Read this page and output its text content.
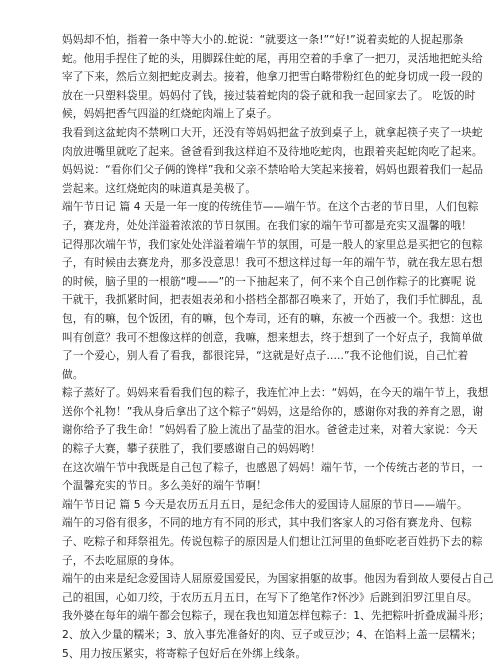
妈妈却不怕，指着一条中等大小的.蛇说：“就要这一条!”“好!”说着卖蛇的人捉起那条
蛇。他用手捏住了蛇的头，用脚踩住蛇的尾，再用空着的手拿了一把刀，灵活地把蛇头给
宰了下来，然后立刻把蛇皮剥去。接着，他拿刀把雪白略带粉红色的蛇身切成一段一段的
放在一只塑料袋里。妈妈付了钱，接过装着蛇肉的袋子就和我一起回家去了。 吃饭的时
候，妈妈把香气四溢的红烧蛇肉端上了桌子。
我看到这盆蛇肉不禁咧口大开，还没有等妈妈把盆子放到桌子上，就拿起筷子夹了一块蛇
肉放进嘴里就吃了起来。爸爸看到我这样迫不及待地吃蛇肉，也跟着夹起蛇肉吃了起来。
妈妈说：“看你们父子俩的馋样”我和父亲不禁哈哈大笑起来接着，妈妈也跟着我们一起品
尝起来。这红烧蛇肉的味道真是美极了。
端午节日记 篇 4 天是一年一度的传统佳节——端午节。在这个古老的节日里，人们包粽
子，赛龙舟，处处洋溢着浓浓的节日氛围。在我们家的端午节可都是充实又温馨的哦！
记得那次端午节，我们家处处洋溢着端午节的氛围，可是一般人的家里总是买把它的包粽
子，有时候由去赛龙舟，那多没意思！我可不想这样过每一年的端午节，就在我左思右想
的时候，脑子里的一根筋“嗖——”的一下抽起来了，何不来个自己创作粽子的比赛呢 说
干就干，我抓紧时间，把表姐表弟和小搭档全都都召唤来了，开始了，我们手忙脚乱，乱
包，有的嘛，包个饭团，有的嘛，包个寿司，还有的嘛，东被一个西被一个。我想：这也
叫有创意？我可不想像这样的创意，我嘛，想来想去，终于想到了一个好点子，我简单做
了一个爱心，别人看了看我，都很诧异，“这就是好点子.....”我不论他们说，自己忙着
做。
粽子蒸好了。妈妈来看看我们包的粽子，我连忙冲上去：“妈妈，在今天的端午节上，我想
送你个礼物！”我从身后拿出了这个粽子“妈妈，这是给你的，感谢你对我的养育之恩，谢
谢你给予了我生命！”妈妈看了脸上流出了晶莹的泪水。爸爸走过来，对着大家说：今天
的粽子大赛，攀子获胜了，我们要感谢自己的妈妈哟！
在这次端午节中我既是自己包了粽子，也感恩了妈妈！端午节，一个传统古老的节日，一
个温馨充实的节日。多么美好的端午节啊！
端午节日记 篇 5 今天是农历五月五日，是纪念伟大的爱国诗人屈原的节日——端午。
端午的习俗有很多，不同的地方有不同的形式，其中我们客家人的习俗有赛龙舟、包粽
子、吃粽子和拜祭祖先。传说包粽子的原因是人们想让江河里的鱼虾吃老百姓扔下去的粽
子，不去吃屈原的身体。
端午的由来是纪念爱国诗人屈原爱国爱民，为国家捐躯的故事。他因为看到故人要侵占自己
己的祖国，心如刀绞，于农历五月五日，在写下了绝笔作?怀沙》后跳到汨罗江里自尽。
我外婆在每年的端午都会包粽子，现在我也知道怎样包粽子：1、先把粽叶折叠成漏斗形；
2、放入少量的糯米；3、放入事先准备好的肉、豆子或豆沙；4、在馅料上盖一层糯米；
5、用力按压紧实，将寄粽子包好后在外绑上线条。
